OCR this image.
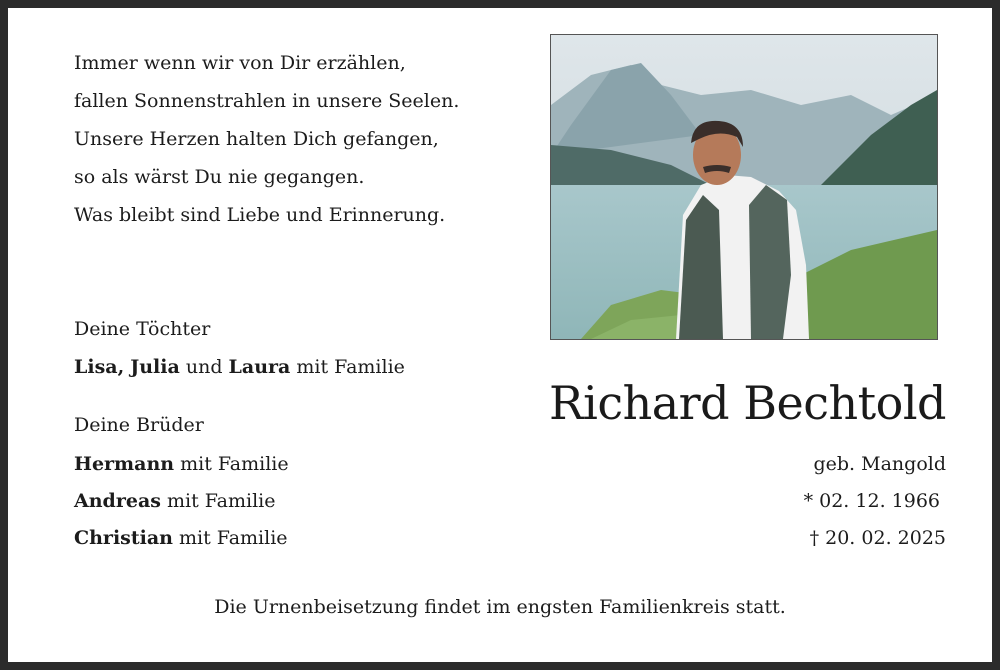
Immer wenn wir von Dir erzählen,
fallen Sonnenstrahlen in unsere Seelen.
Unsere Herzen halten Dich gefangen,
so als wärst Du nie gegangen.
Was bleibt sind Liebe und Erinnerung.
Deine Töchter
Lisa, Julia und Laura mit Familie
Deine Brüder
Hermann mit Familie
Andreas mit Familie
Christian mit Familie
Richard Bechtold
geb. Mangold
* 02. 12. 1966
† 20. 02. 2025
Die Urnenbeisetzung findet im engsten Familienkreis statt.
